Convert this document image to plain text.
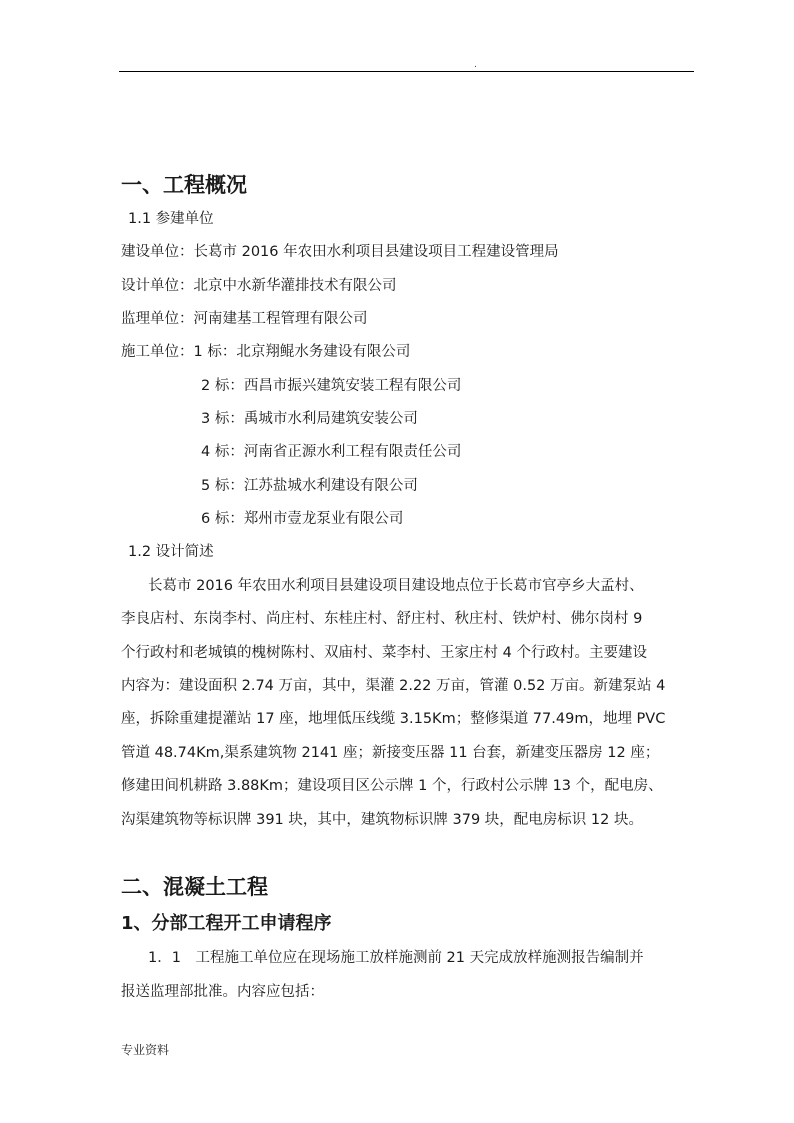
.
一、工程概况
1.1 参建单位
建设单位：长葛市 2016 年农田水利项目县建设项目工程建设管理局
设计单位：北京中水新华灌排技术有限公司
监理单位：河南建基工程管理有限公司
施工单位：1 标：北京翔鲲水务建设有限公司
2 标：西昌市振兴建筑安装工程有限公司
3 标：禹城市水利局建筑安装公司
4 标：河南省正源水利工程有限责任公司
5 标：江苏盐城水利建设有限公司
6 标：郑州市壹龙泵业有限公司
1.2 设计简述
长葛市 2016 年农田水利项目县建设项目建设地点位于长葛市官亭乡大孟村、
李良店村、东岗李村、尚庄村、东桂庄村、舒庄村、秋庄村、铁炉村、佛尔岗村 9
个行政村和老城镇的槐树陈村、双庙村、菜李村、王家庄村 4 个行政村。主要建设
内容为：建设面积 2.74 万亩，其中，渠灌 2.22 万亩，管灌 0.52 万亩。新建泵站 4
座，拆除重建提灌站 17 座，地埋低压线缆 3.15Km；整修渠道 77.49m，地埋 PVC
管道 48.74Km,渠系建筑物 2141 座；新接变压器 11 台套，新建变压器房 12 座；
修建田间机耕路 3.88Km；建设项目区公示牌 1 个，行政村公示牌 13 个，配电房、
沟渠建筑物等标识牌 391 块，其中，建筑物标识牌 379 块，配电房标识 12 块。
二、混凝土工程
1、分部工程开工申请程序
1．1　工程施工单位应在现场施工放样施测前 21 天完成放样施测报告编制并
报送监理部批准。内容应包括：
专业资料
